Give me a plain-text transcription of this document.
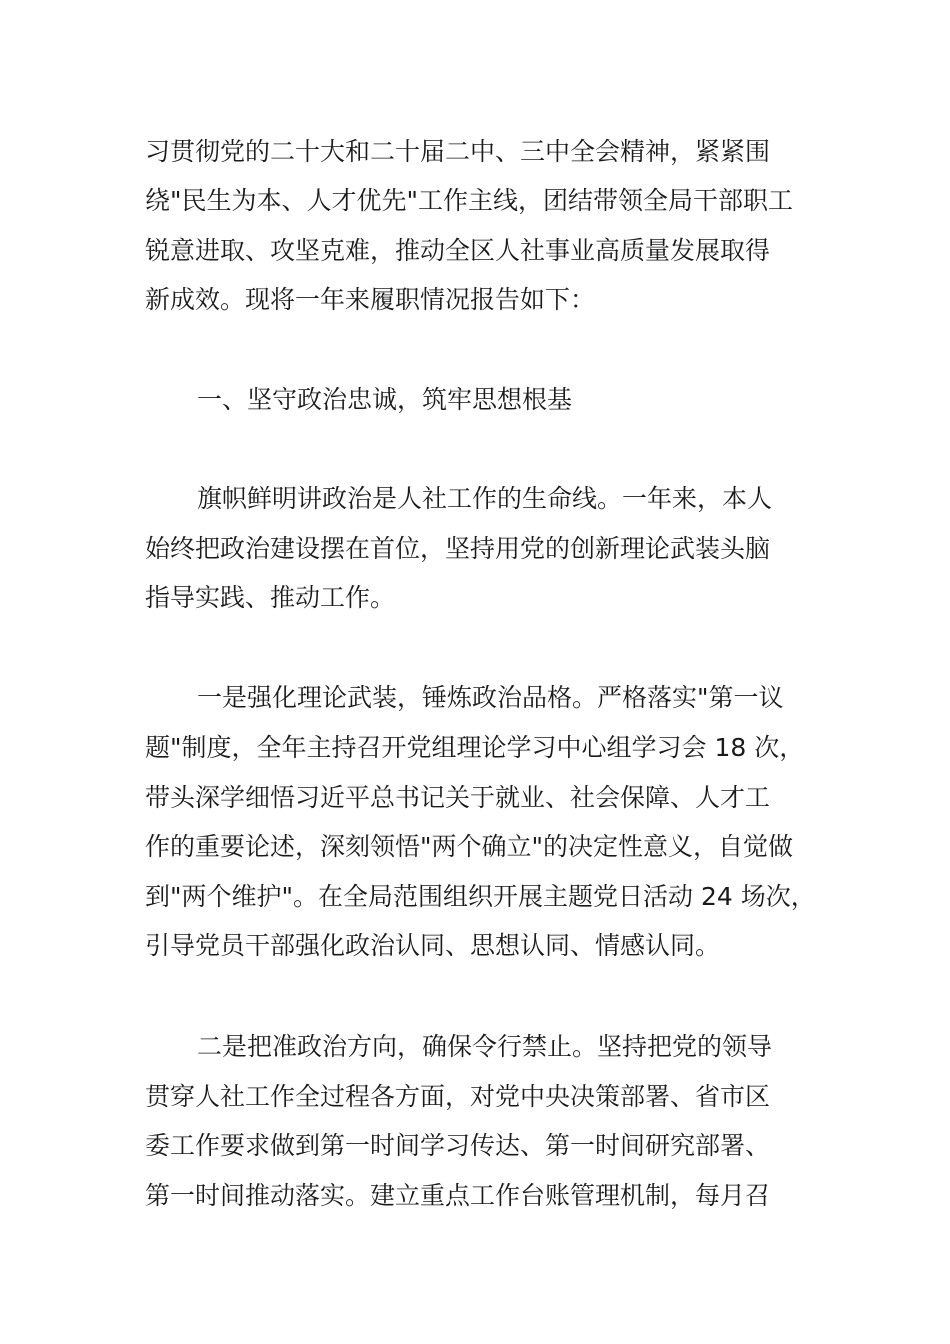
习贯彻党的二十大和二十届二中、三中全会精神，紧紧围
绕"民生为本、人才优先"工作主线，团结带领全局干部职工
锐意进取、攻坚克难，推动全区人社事业高质量发展取得
新成效。现将一年来履职情况报告如下：
一、坚守政治忠诚，筑牢思想根基
旗帜鲜明讲政治是人社工作的生命线。一年来，本人
始终把政治建设摆在首位，坚持用党的创新理论武装头脑
指导实践、推动工作。
一是强化理论武装，锤炼政治品格。严格落实"第一议
题"制度，全年主持召开党组理论学习中心组学习会 18 次，
带头深学细悟习近平总书记关于就业、社会保障、人才工
作的重要论述，深刻领悟"两个确立"的决定性意义，自觉做
到"两个维护"。在全局范围组织开展主题党日活动 24 场次，
引导党员干部强化政治认同、思想认同、情感认同。
二是把准政治方向，确保令行禁止。坚持把党的领导
贯穿人社工作全过程各方面，对党中央决策部署、省市区
委工作要求做到第一时间学习传达、第一时间研究部署、
第一时间推动落实。建立重点工作台账管理机制，每月召
